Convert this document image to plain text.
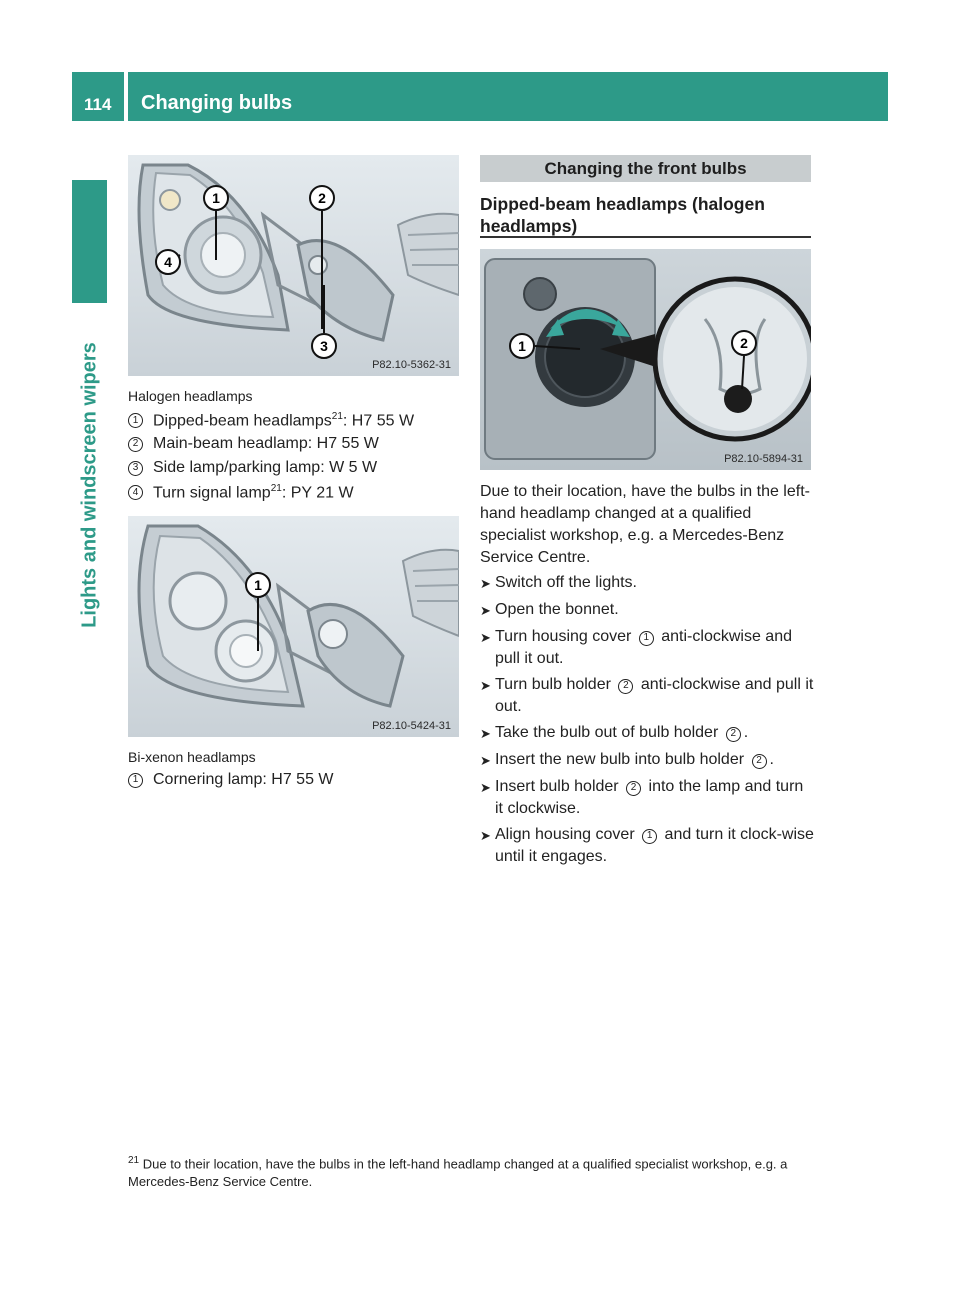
114	Changing bulbs
Lights and windscreen wipers
1	2
3
4
P82.10-5362-31
Halogen headlamps
1 Dipped-beam headlamps$^{21}$: H7 55 W
2 Main-beam headlamp: H7 55 W
3 Side lamp/parking lamp: W 5 W
4 Turn signal lamp$^{21}$: PY 21 W
1
P82.10-5424-31
Bi-xenon headlamps
1 Cornering lamp: H7 55 W
Changing the front bulbs
Dipped-beam headlamps (halogen headlamps)
1	2
P82.10-5894-31
Due to their location, have the bulbs in the left-hand headlamp changed at a qualified specialist workshop, e.g. a Mercedes-Benz Service Centre.
➤ Switch off the lights.
➤ Open the bonnet.
➤ Turn housing cover 1 anti-clockwise and pull it out.
➤ Turn bulb holder 2 anti-clockwise and pull it out.
➤ Take the bulb out of bulb holder 2 .
➤ Insert the new bulb into bulb holder 2 .
➤ Insert bulb holder 2 into the lamp and turn it clockwise.
➤ Align housing cover 1 and turn it clock-wise until it engages.
$^{21}$ Due to their location, have the bulbs in the left-hand headlamp changed at a qualified specialist workshop, e.g. a Mercedes-Benz Service Centre.
